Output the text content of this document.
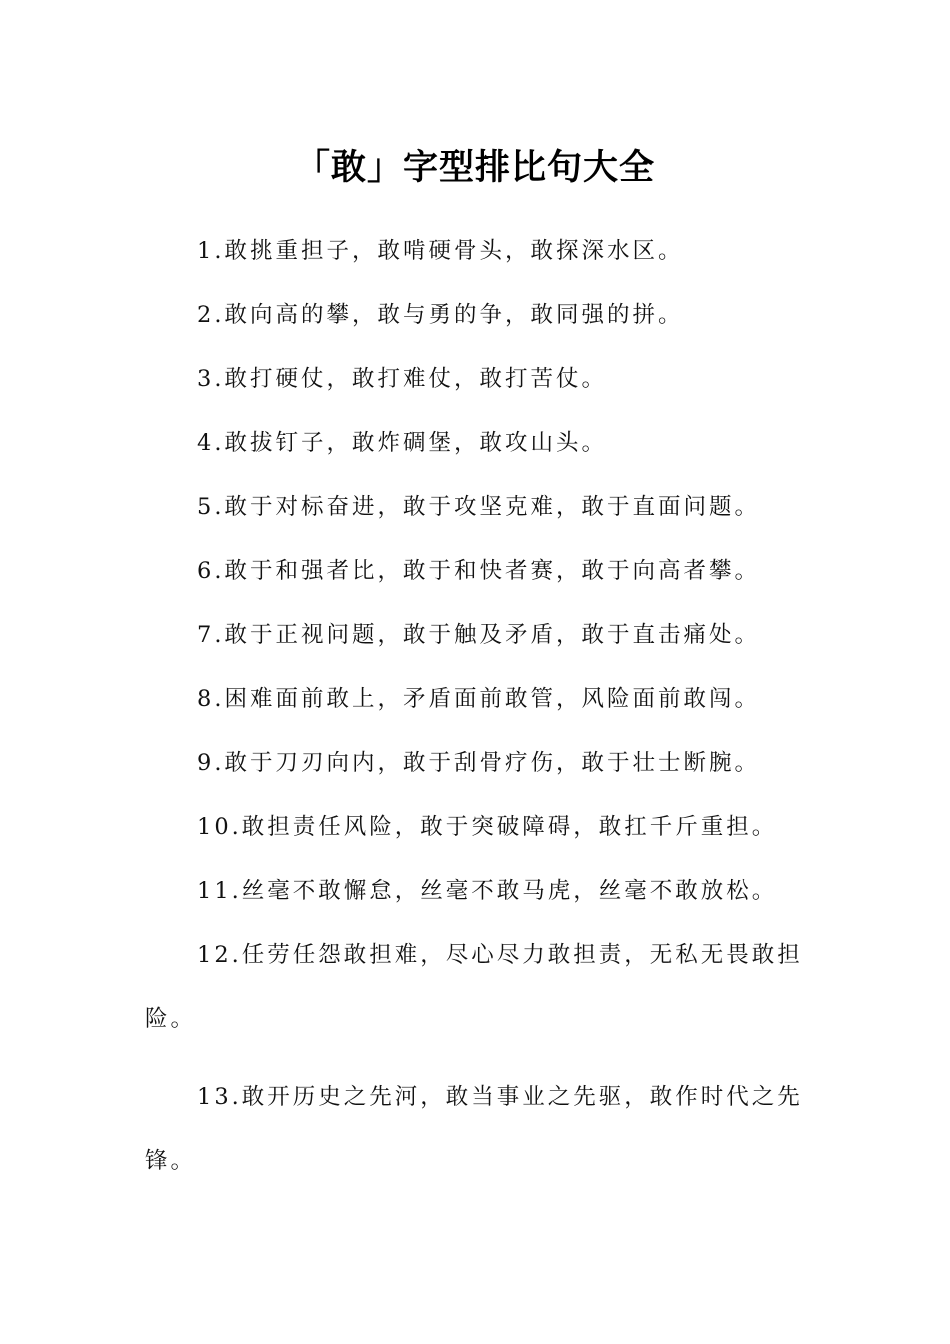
「敢」字型排比句大全

1.敢挑重担子，敢啃硬骨头，敢探深水区。

2.敢向高的攀，敢与勇的争，敢同强的拼。

3.敢打硬仗，敢打难仗，敢打苦仗。

4.敢拔钉子，敢炸碉堡，敢攻山头。

5.敢于对标奋进，敢于攻坚克难，敢于直面问题。

6.敢于和强者比，敢于和快者赛，敢于向高者攀。

7.敢于正视问题，敢于触及矛盾，敢于直击痛处。

8.困难面前敢上，矛盾面前敢管，风险面前敢闯。

9.敢于刀刃向内，敢于刮骨疗伤，敢于壮士断腕。

10.敢担责任风险，敢于突破障碍，敢扛千斤重担。

11.丝毫不敢懈怠，丝毫不敢马虎，丝毫不敢放松。

12.任劳任怨敢担难，尽心尽力敢担责，无私无畏敢担险。

13.敢开历史之先河，敢当事业之先驱，敢作时代之先锋。
